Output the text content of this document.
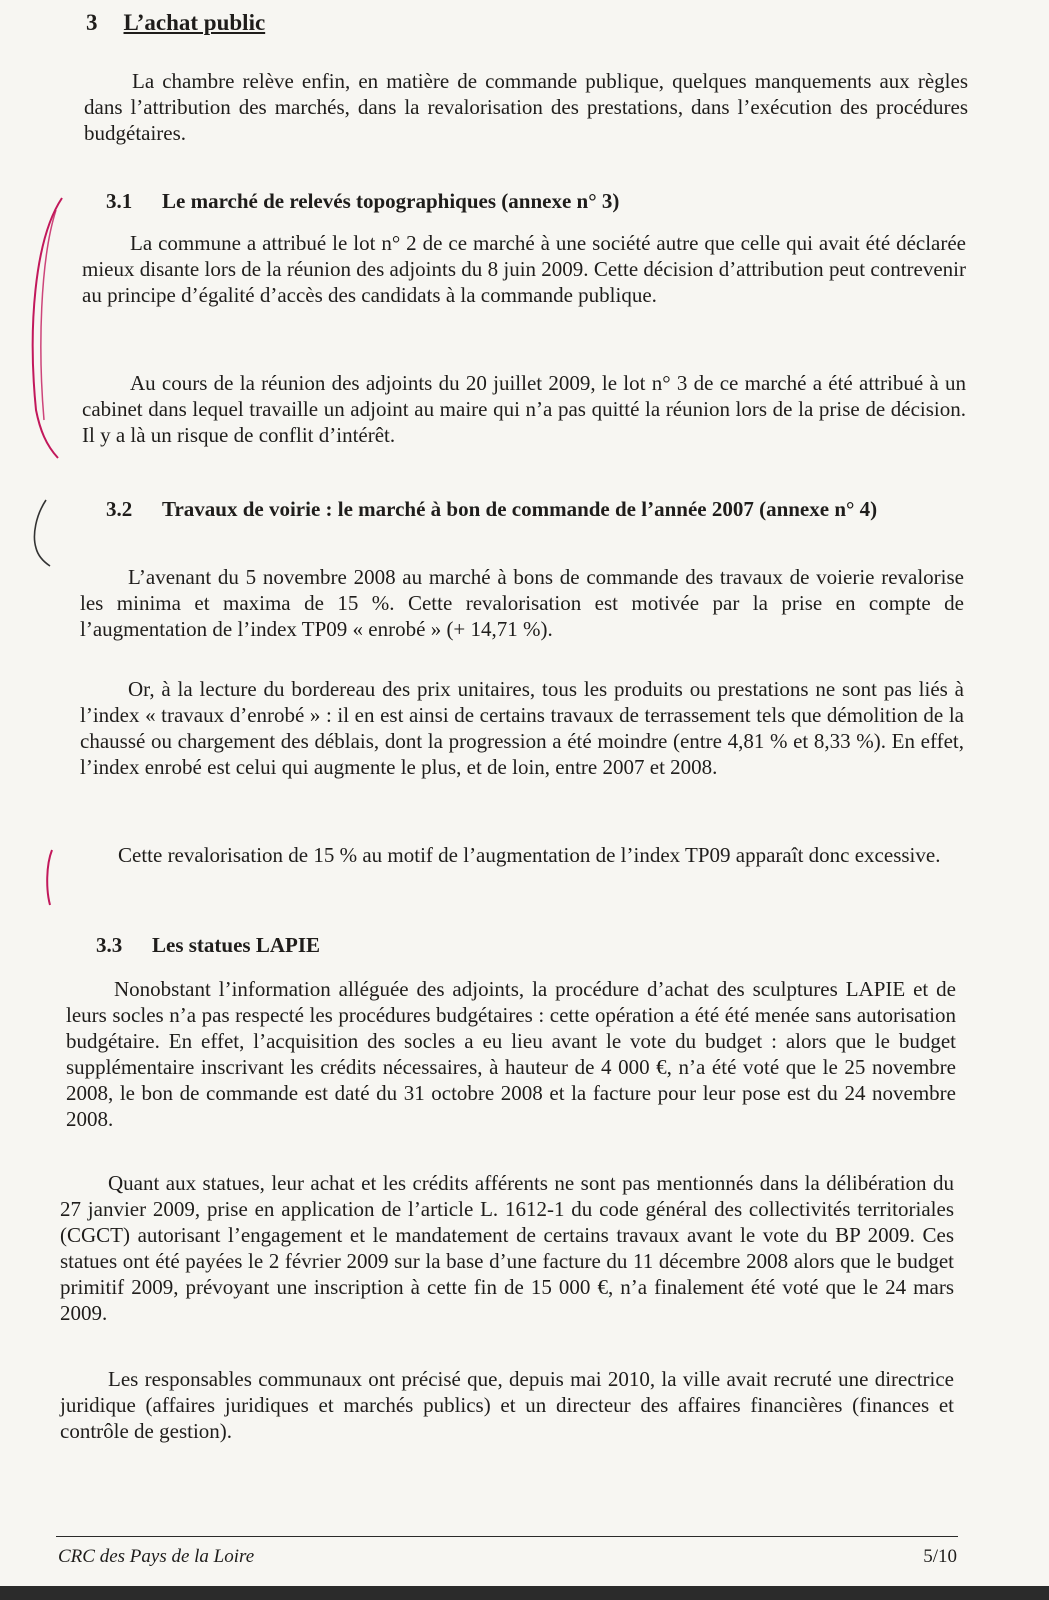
3 L’achat public

La chambre relève enfin, en matière de commande publique, quelques manquements aux règles dans l’attribution des marchés, dans la revalorisation des prestations, dans l’exécution des procédures budgétaires.

3.1 Le marché de relevés topographiques (annexe n° 3)

La commune a attribué le lot n° 2 de ce marché à une société autre que celle qui avait été déclarée mieux disante lors de la réunion des adjoints du 8 juin 2009. Cette décision d’attribution peut contrevenir au principe d’égalité d’accès des candidats à la commande publique.

Au cours de la réunion des adjoints du 20 juillet 2009, le lot n° 3 de ce marché a été attribué à un cabinet dans lequel travaille un adjoint au maire qui n’a pas quitté la réunion lors de la prise de décision. Il y a là un risque de conflit d’intérêt.

3.2	Travaux de voirie : le marché à bon de commande de l’année 2007 (annexe n° 4)

L’avenant du 5 novembre 2008 au marché à bons de commande des travaux de voierie revalorise les minima et maxima de 15 %. Cette revalorisation est motivée par la prise en compte de l’augmentation de l’index TP09 « enrobé » (+ 14,71 %).

Or, à la lecture du bordereau des prix unitaires, tous les produits ou prestations ne sont pas liés à l’index « travaux d’enrobé » : il en est ainsi de certains travaux de terrassement tels que démolition de la chaussé ou chargement des déblais, dont la progression a été moindre (entre 4,81 % et 8,33 %). En effet, l’index enrobé est celui qui augmente le plus, et de loin, entre 2007 et 2008.

Cette revalorisation de 15 % au motif de l’augmentation de l’index TP09 apparaît donc excessive.

3.3 Les statues LAPIE

Nonobstant l’information alléguée des adjoints, la procédure d’achat des sculptures LAPIE et de leurs socles n’a pas respecté les procédures budgétaires : cette opération a été été menée sans autorisation budgétaire. En effet, l’acquisition des socles a eu lieu avant le vote du budget : alors que le budget supplémentaire inscrivant les crédits nécessaires, à hauteur de 4 000 €, n’a été voté que le 25 novembre 2008, le bon de commande est daté du 31 octobre 2008 et la facture pour leur pose est du 24 novembre 2008.

Quant aux statues, leur achat et les crédits afférents ne sont pas mentionnés dans la délibération du 27 janvier 2009, prise en application de l’article L. 1612-1 du code général des collectivités territoriales (CGCT) autorisant l’engagement et le mandatement de certains travaux avant le vote du BP 2009. Ces statues ont été payées le 2 février 2009 sur la base d’une facture du 11 décembre 2008 alors que le budget primitif 2009, prévoyant une inscription à cette fin de 15 000 €, n’a finalement été voté que le 24 mars 2009.

Les responsables communaux ont précisé que, depuis mai 2010, la ville avait recruté une directrice juridique (affaires juridiques et marchés publics) et un directeur des affaires financières (finances et contrôle de gestion).

CRC des Pays de la Loire	5/10
